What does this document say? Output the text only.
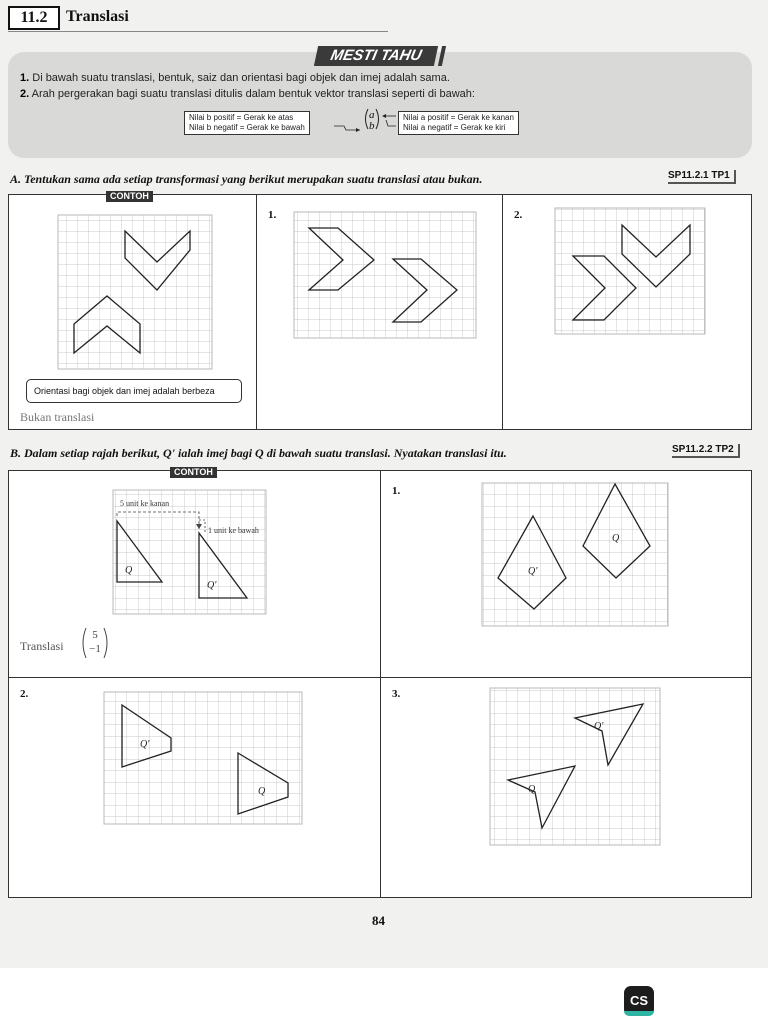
11.2	Translasi
MESTI TAHU
1. Di bawah suatu translasi, bentuk, saiz dan orientasi bagi objek dan imej adalah sama.
2. Arah pergerakan bagi suatu translasi ditulis dalam bentuk vektor translasi seperti di bawah:
Nilai b positif = Gerak ke atas
Nilai b negatif = Gerak ke bawah
a
b
Nilai a positif = Gerak ke kanan
Nilai a negatif = Gerak ke kiri
A. Tentukan sama ada setiap transformasi yang berikut merupakan suatu translasi atau bukan.	SP11.2.1 TP1
CONTOH
1.	2.
Orientasi bagi objek dan imej adalah berbeza
Bukan translasi
B. Dalam setiap rajah berikut, Q' ialah imej bagi Q di bawah suatu translasi. Nyatakan translasi itu.	SP11.2.2 TP2
CONTOH
1.
2.	3.
Q
Q'
5 unit ke kanan
1 unit ke bawah
Q
Q'
Q'
Q
Q'
Q
Translasi
5
−1
84
CS
